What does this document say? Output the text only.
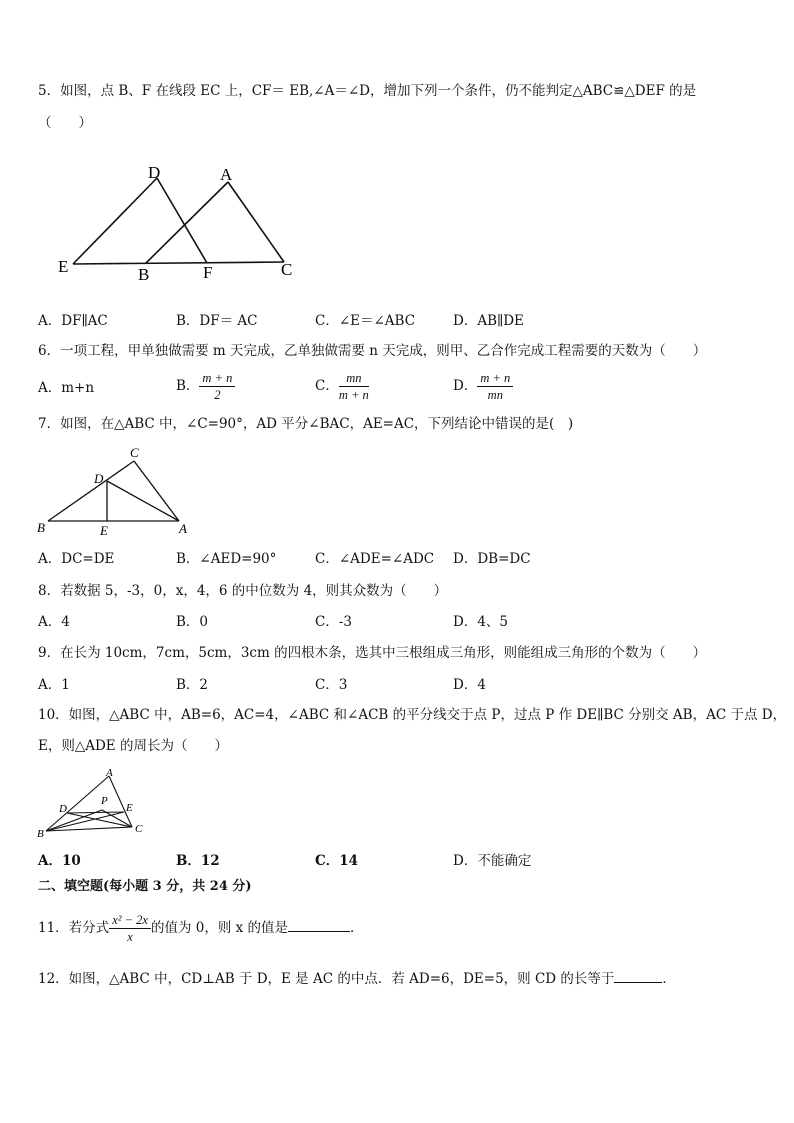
5．如图，点 B、F 在线段 EC 上，CF＝ EB,∠A＝∠D，增加下列一个条件，仍不能判定△ABC≌△DEF 的是
（　　）
D	A
E	B	F	C
A．DF∥AC	B．DF＝ AC	C．∠E＝∠ABC	D．AB∥DE
6．一项工程，甲单独做需要 m 天完成，乙单独做需要 n 天完成，则甲、乙合作完成工程需要的天数为（　　）
A．m+n	B． $\frac{m + n}{2}$	C． $\frac{mn}{m + n}$	D． $\frac{m + n}{mn}$
7．如图，在△ABC 中，∠C=90°，AD 平分∠BAC，AE=AC，下列结论中错误的是(　)
C
D
B	E	A
A．DC=DE	B．∠AED=90°	C．∠ADE=∠ADC D．DB=DC
8．若数据 5，-3，0，x，4，6 的中位数为 4，则其众数为（　　）
A．4	B．0	C．-3	D．4、5
9．在长为 10cm，7cm，5cm，3cm 的四根木条，选其中三根组成三角形，则能组成三角形的个数为（　　）
A．1	B．2	C．3	D．4
10．如图，△ABC 中，AB=6，AC=4，∠ABC 和∠ACB 的平分线交于点 P，过点 P 作 DE∥BC 分别交 AB，AC 于点 D，
E，则△ADE 的周长为（　　）
A
D
P
E
B	C
A．10	B．12	C．14	D．不能确定
二、填空题(每小题 3 分，共 24 分)
11．若分式 $\frac{\text{x² − 2x}}{x}$ 的值为 0，则 x 的值是	．
12．如图，△ABC 中，CD⊥AB 于 D，E 是 AC 的中点．若 AD=6，DE=5，则 CD 的长等于	．
